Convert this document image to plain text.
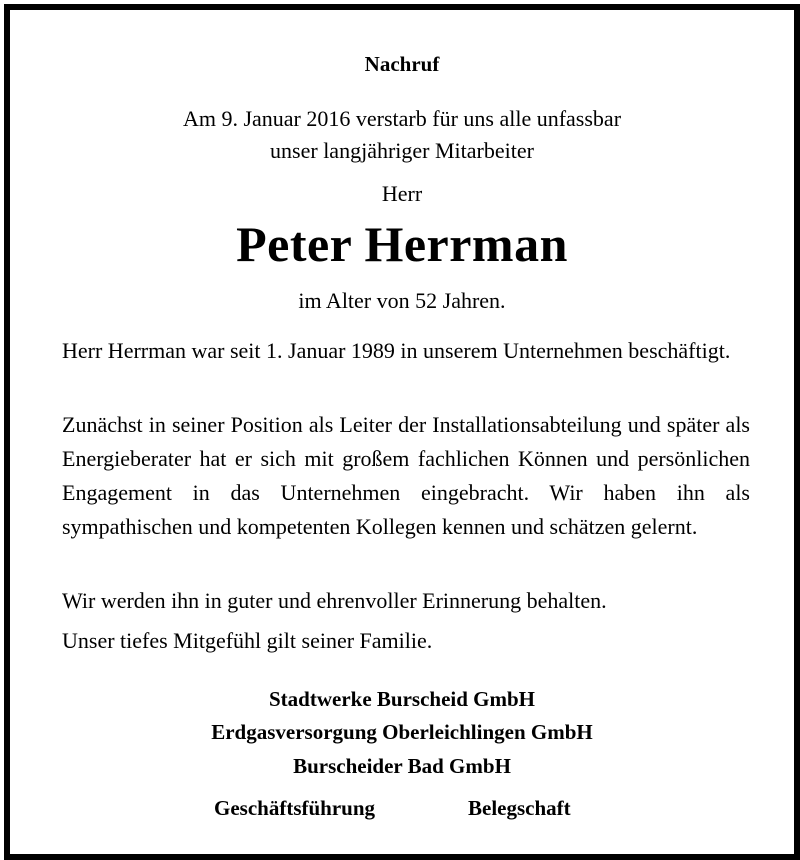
Nachruf
Am 9. Januar 2016 verstarb für uns alle unfassbar
unser langjähriger Mitarbeiter
Herr
Peter Herrman
im Alter von 52 Jahren.
Herr Herrman war seit 1. Januar 1989 in unserem Unternehmen beschäftigt.
Zunächst in seiner Position als Leiter der Installationsabteilung und später als Energieberater hat er sich mit großem fachlichen Können und persönlichen Engagement in das Unternehmen eingebracht. Wir haben ihn als sympathischen und kompetenten Kollegen kennen und schätzen gelernt.
Wir werden ihn in guter und ehrenvoller Erinnerung behalten.
Unser tiefes Mitgefühl gilt seiner Familie.
Stadtwerke Burscheid GmbH
Erdgasversorgung Oberleichlingen GmbH
Burscheider Bad GmbH
Geschäftsführung	Belegschaft
